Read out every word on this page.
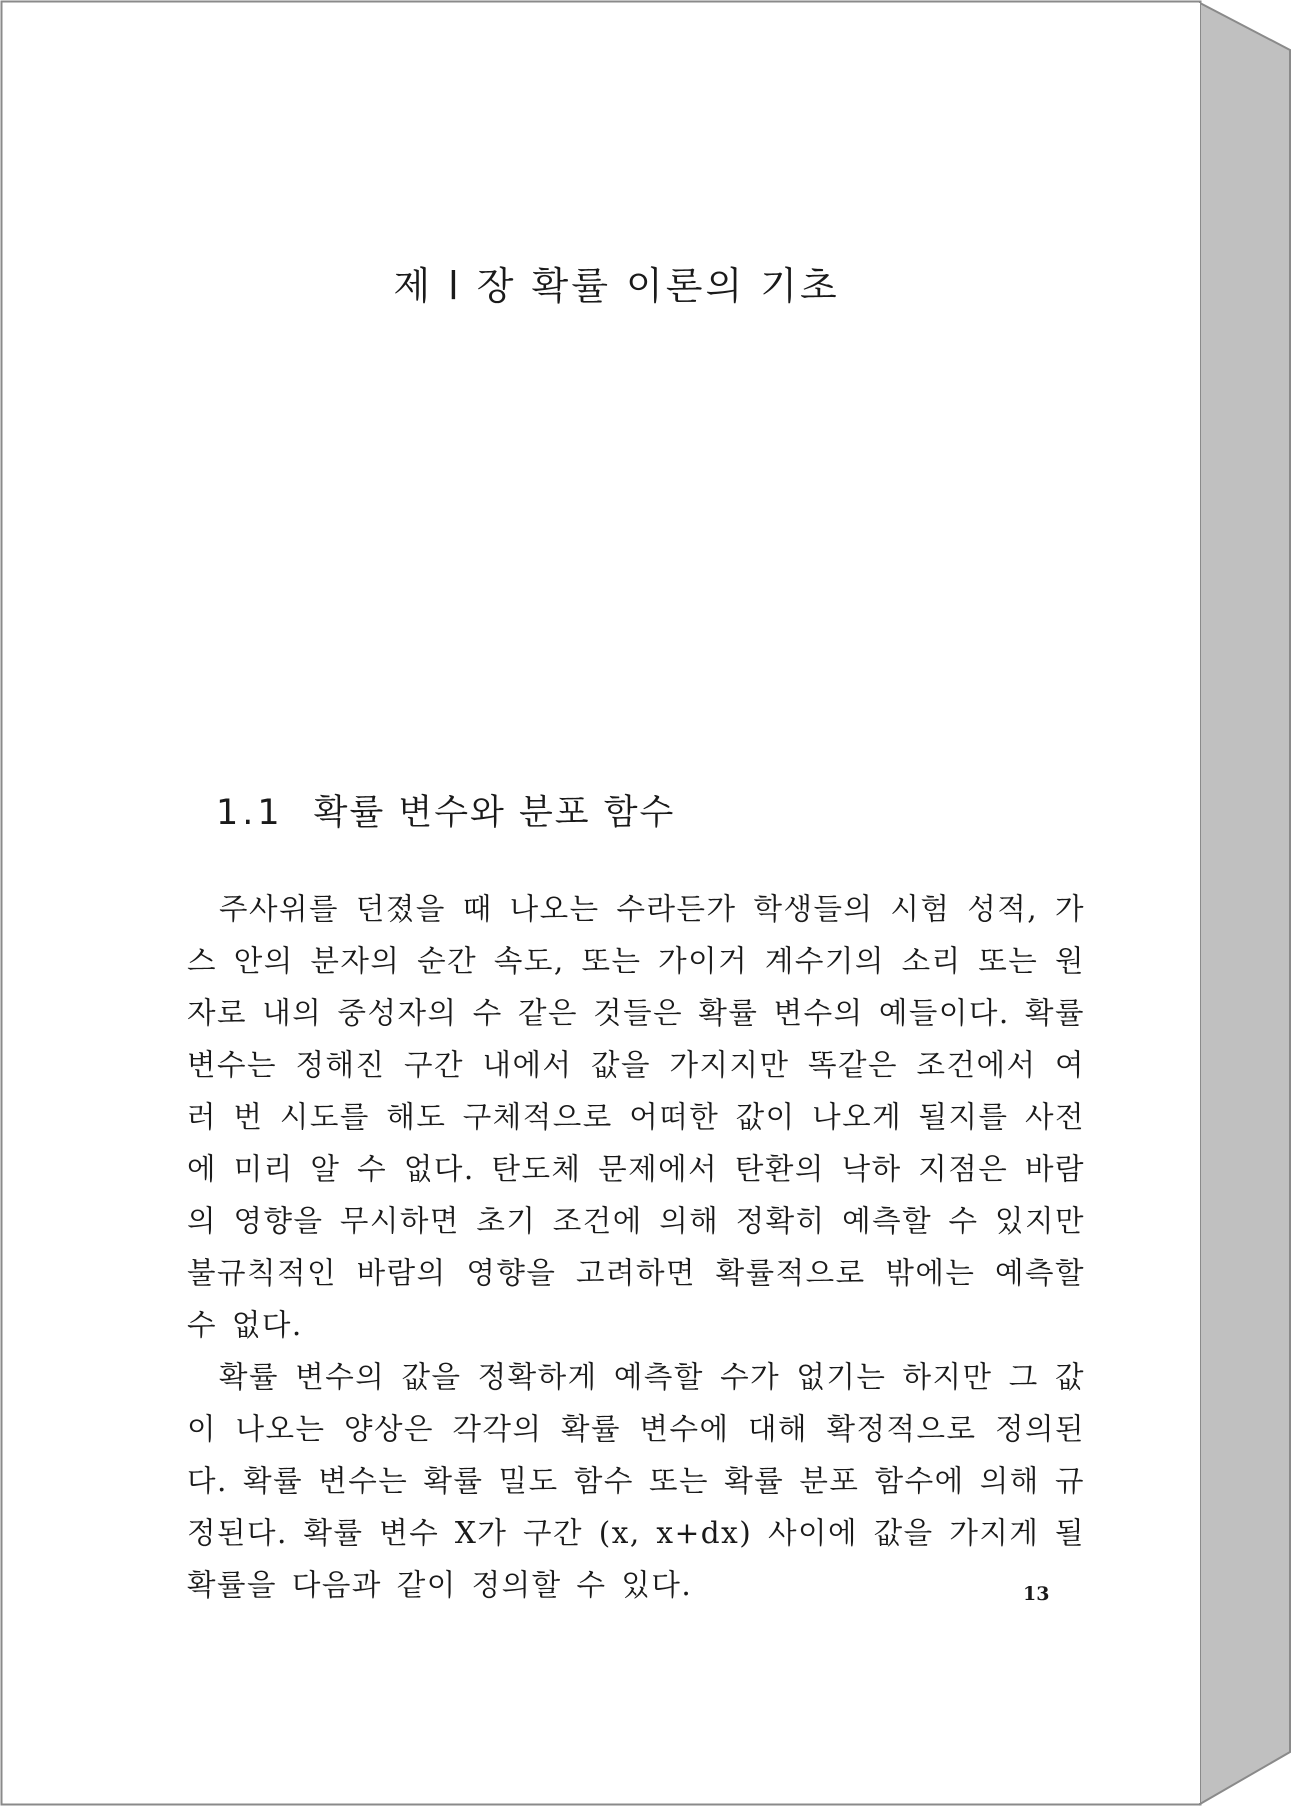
제 l 장 확률 이론의 기초
1.1 확률 변수와 분포 함수

주사위를 던졌을 때 나오는 수라든가 학생들의 시험 성적, 가스 안의 분자의 순간 속도, 또는 가이거 계수기의 소리 또는 원자로 내의 중성자의 수 같은 것들은 확률 변수의 예들이다. 확률 변수는 정해진 구간 내에서 값을 가지지만 똑같은 조건에서 여러 번 시도를 해도 구체적으로 어떠한 값이 나오게 될지를 사전에 미리 알 수 없다. 탄도체 문제에서 탄환의 낙하 지점은 바람의 영향을 무시하면 초기 조건에 의해 정확히 예측할 수 있지만 불규칙적인 바람의 영향을 고려하면 확률적으로 밖에는 예측할 수 없다.

확률 변수의 값을 정확하게 예측할 수가 없기는 하지만 그 값이 나오는 양상은 각각의 확률 변수에 대해 확정적으로 정의된다. 확률 변수는 확률 밀도 함수 또는 확률 분포 함수에 의해 규정된다. 확률 변수 X가 구간 (x, x+dx) 사이에 값을 가지게 될 확률을 다음과 같이 정의할 수 있다.	13
